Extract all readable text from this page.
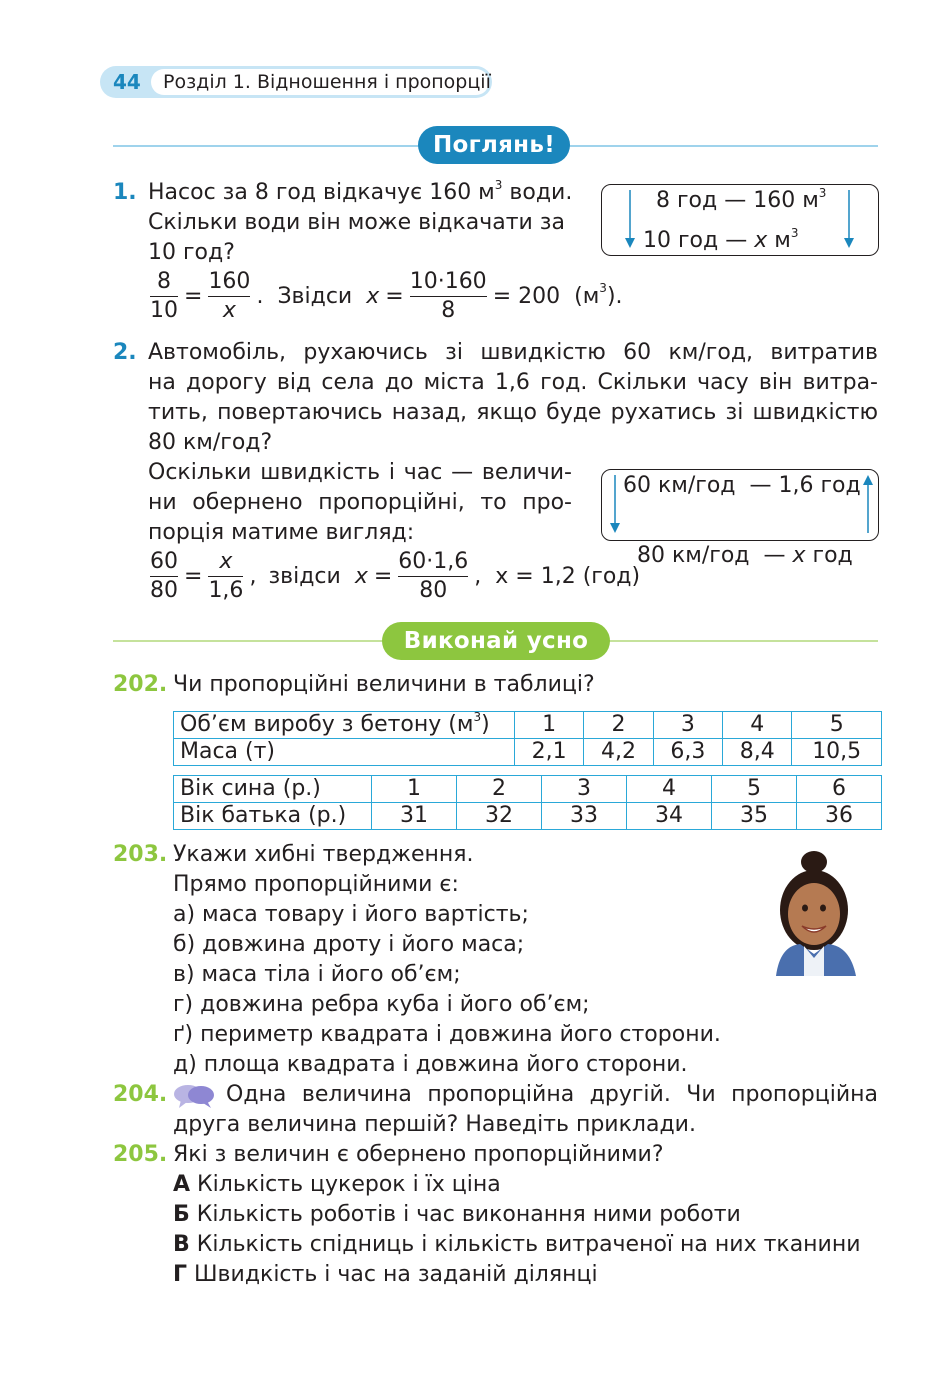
44 Розділ 1. Відношення і пропорції
Поглянь!
1. Насос за 8 год відкачує 160 $м^3$ води.
Скільки води він може відкачати за
10 год?
8 год — 160 $м^3$
10 год — x $м^3$
$\frac{8}{10} = \frac{160}{x}$ . Звідси $x = \frac{10\cdot 160}{8} = 200$ $(м^3)$.
2. Автомобіль, рухаючись зі швидкістю 60 км/год, витратив
на дорогу від села до міста 1,6 год. Скільки часу він витра-
тить, повертаючись назад, якщо буде рухатись зі швидкістю
80 км/год?
Оскільки швидкість і час — величи-
ни обернено пропорційні, то про-
порція матиме вигляд:
60 км/год  — 1,6 год

80 км/год  — x год

$\frac{60}{80} = \frac{x}{1,6}$ , звідси $x = \frac{60\cdot 1,6}{80}$ , x = 1,2 (год)
Виконай усно
202. Чи пропорційні величини в таблиці?
Об’єм виробу з бетону $(м^3)$	1	2	3	4	5
Маса (т)	2,1	4,2	6,3	8,4	10,5
Вік сина (р.)	1	2	3	4	5	6
Вік батька (р.)	31	32	33	34	35	36
203. Укажи хибні твердження.
Прямо пропорційними є:
а) маса товару і його вартість;
б) довжина дроту і його маса;
в) маса тіла і його об’єм;
г) довжина ребра куба і його об’єм;
ґ) периметр квадрата і довжина його сторони.
д) площа квадрата і довжина його сторони.
204.	Одна величина пропорційна другій. Чи пропорційна
друга величина першій? Наведіть приклади.
205. Які з величин є обернено пропорційними?
А Кількість цукерок і їх ціна
Б Кількість роботів і час виконання ними роботи
В Кількість спідниць і кількість витраченої на них тканини
Г Швидкість і час на заданій ділянці
